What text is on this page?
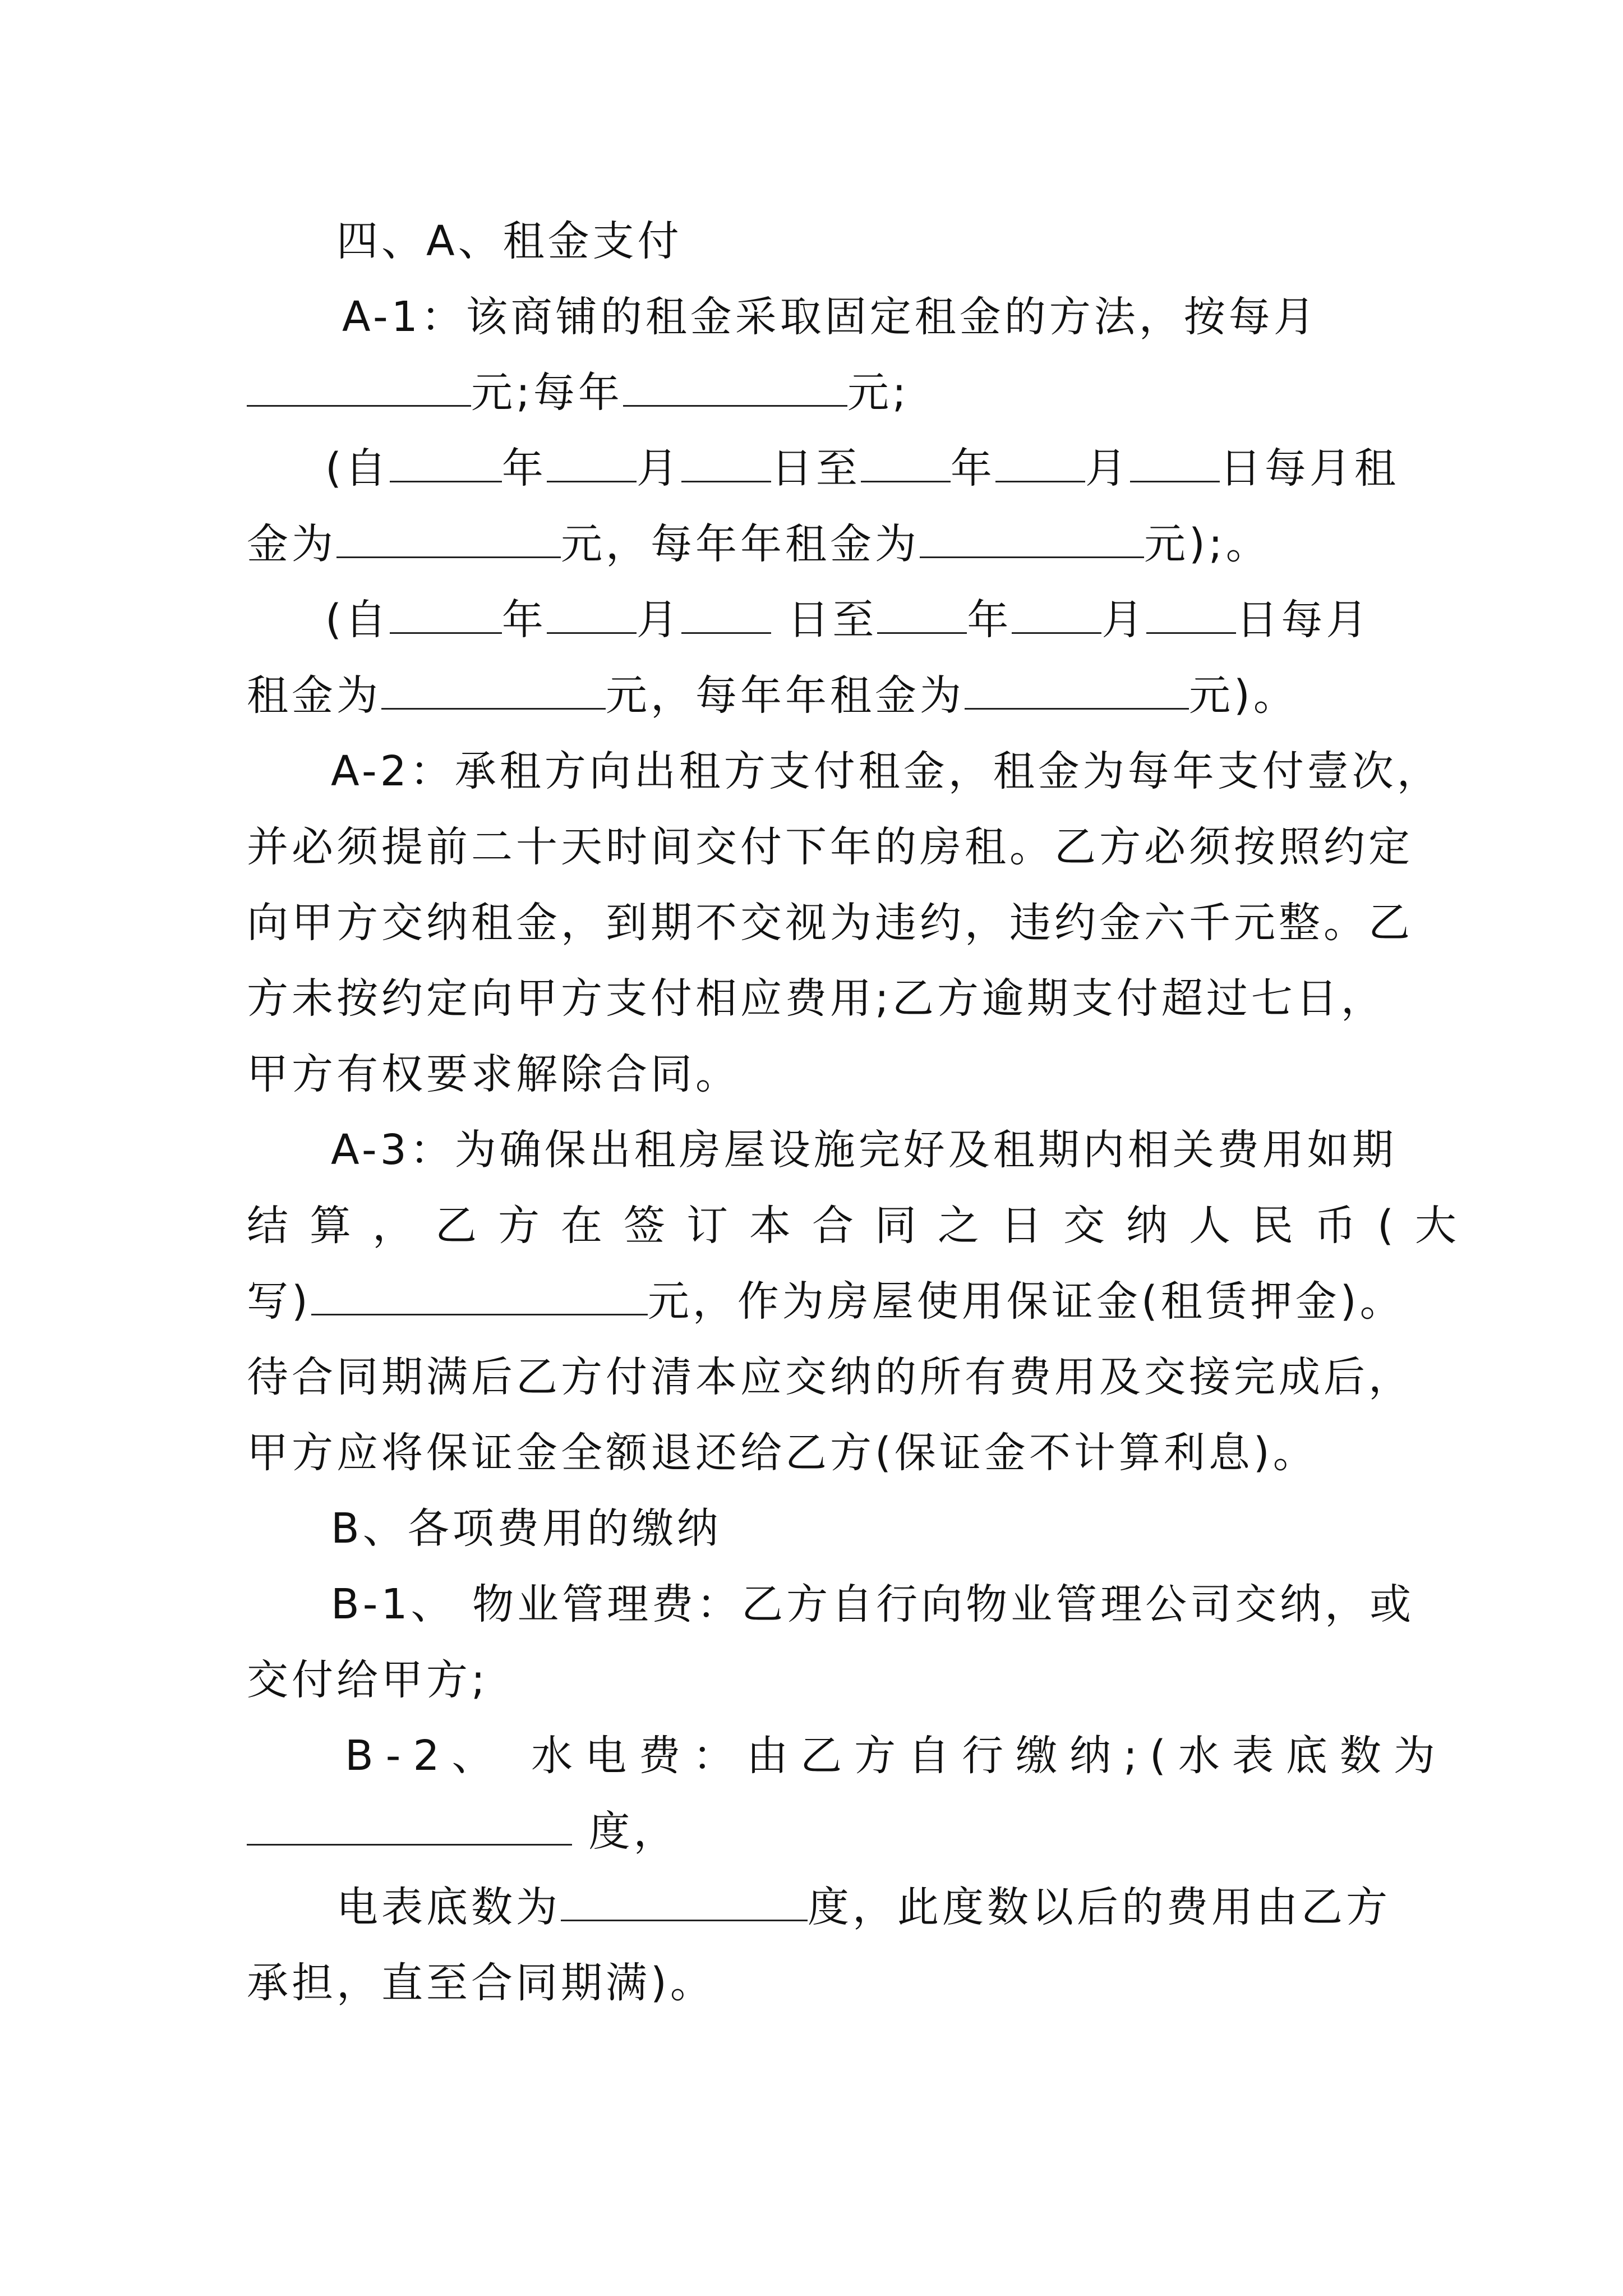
四、A、租金支付
A-1：该商铺的租金采取固定租金的方法，按每月
元;每年	元;
(自	年 月 日至 年 月 日每月租
金为	元，每年年租金为	元);。
(自	年 月	日至 年 月 日每月
租金为	元，每年年租金为	元)。
A-2：承租方向出租方支付租金，租金为每年支付壹次，
并必须提前二十天时间交付下年的房租。乙方必须按照约定
向甲方交纳租金，到期不交视为违约，违约金六千元整。乙
方未按约定向甲方支付相应费用;乙方逾期支付超过七日，
甲方有权要求解除合同。
A-3：为确保出租房屋设施完好及租期内相关费用如期
结算，乙方在签订本合同之日交纳人民币(大
写)	元，作为房屋使用保证金(租赁押金)。
待合同期满后乙方付清本应交纳的所有费用及交接完成后，
甲方应将保证金全额退还给乙方(保证金不计算利息)。
B、各项费用的缴纳
B-1、 物业管理费：乙方自行向物业管理公司交纳，或
交付给甲方;
B-2、 水电费：由乙方自行缴纳;(水表底数为
度，
电表底数为	度，此度数以后的费用由乙方
承担，直至合同期满)。
